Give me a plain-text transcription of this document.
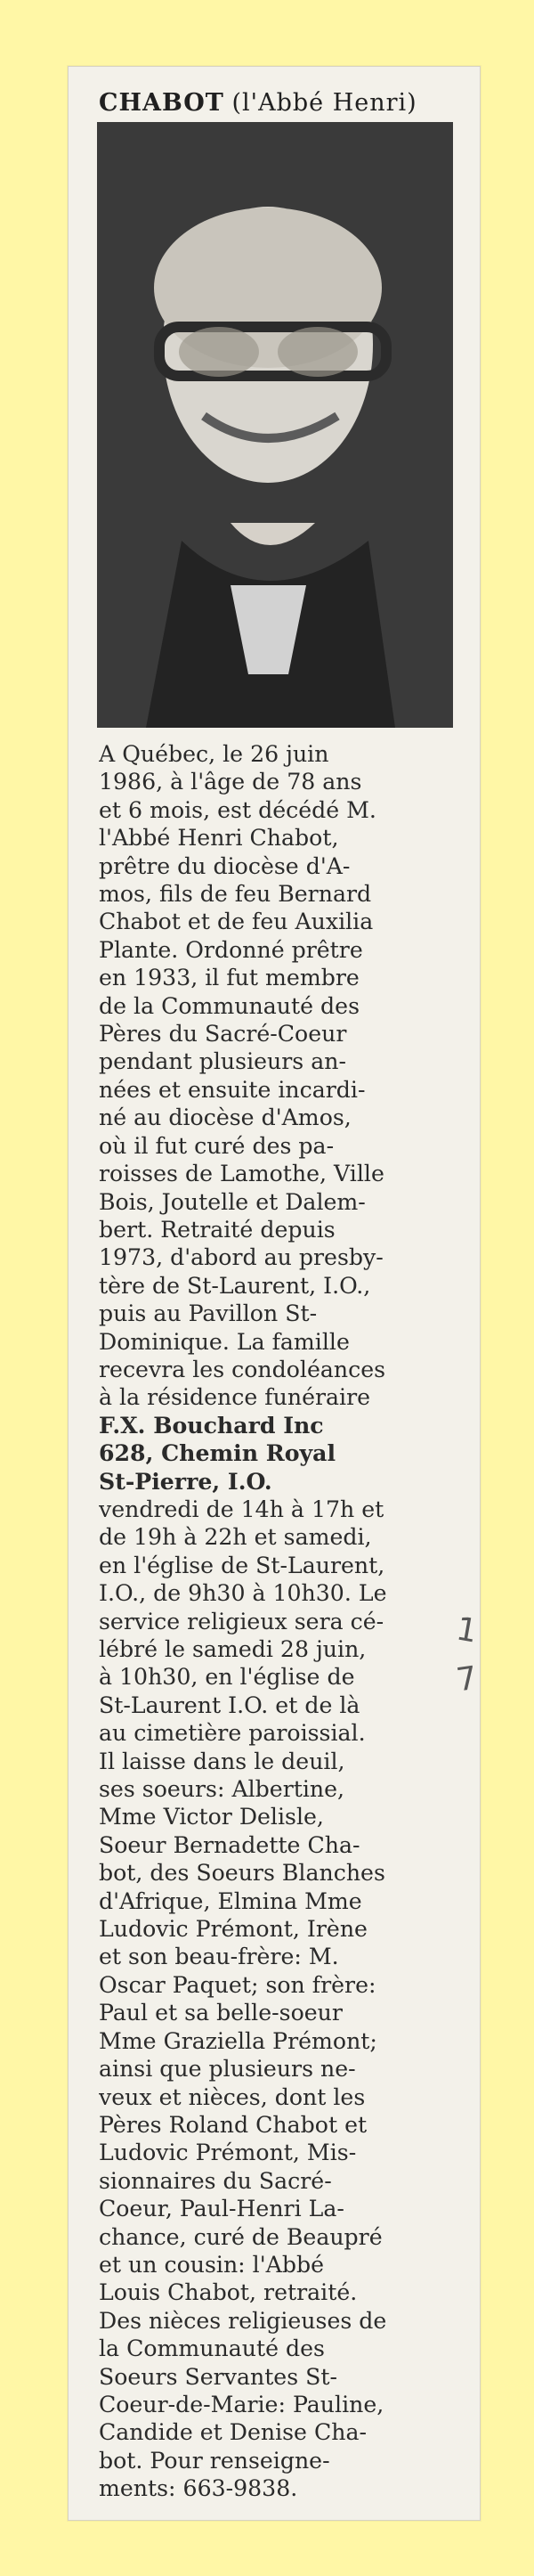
CHABOT (l'Abbé Henri)
A Québec, le 26 juin
1986, à l'âge de 78 ans
et 6 mois, est décédé M.
l'Abbé Henri Chabot,
prêtre du diocèse d'A-
mos, fils de feu Bernard
Chabot et de feu Auxilia
Plante. Ordonné prêtre
en 1933, il fut membre
de la Communauté des
Pères du Sacré-Coeur
pendant plusieurs an-
nées et ensuite incardi-
né au diocèse d'Amos,
où il fut curé des pa-
roisses de Lamothe, Ville
Bois, Joutelle et Dalem-
bert. Retraité depuis
1973, d'abord au presby-
tère de St-Laurent, I.O.,
puis au Pavillon St-
Dominique. La famille
recevra les condoléances
à la résidence funéraire
F.X. Bouchard Inc
628, Chemin Royal
St-Pierre, I.O.
vendredi de 14h à 17h et
de 19h à 22h et samedi,
en l'église de St-Laurent,
I.O., de 9h30 à 10h30. Le
service religieux sera cé-
lébré le samedi 28 juin,
à 10h30, en l'église de
St-Laurent I.O. et de là
au cimetière paroissial.
Il laisse dans le deuil,
ses soeurs: Albertine,
Mme Victor Delisle,
Soeur Bernadette Cha-
bot, des Soeurs Blanches
d'Afrique, Elmina Mme
Ludovic Prémont, Irène
et son beau-frère: M.
Oscar Paquet; son frère:
Paul et sa belle-soeur
Mme Graziella Prémont;
ainsi que plusieurs ne-
veux et nièces, dont les
Pères Roland Chabot et
Ludovic Prémont, Mis-
sionnaires du Sacré-
Coeur, Paul-Henri La-
chance, curé de Beaupré
et un cousin: l'Abbé
Louis Chabot, retraité.
Des nièces religieuses de
la Communauté des
Soeurs Servantes St-
Coeur-de-Marie: Pauline,
Candide et Denise Cha-
bot. Pour renseigne-
ments: 663-9838.
1
7
